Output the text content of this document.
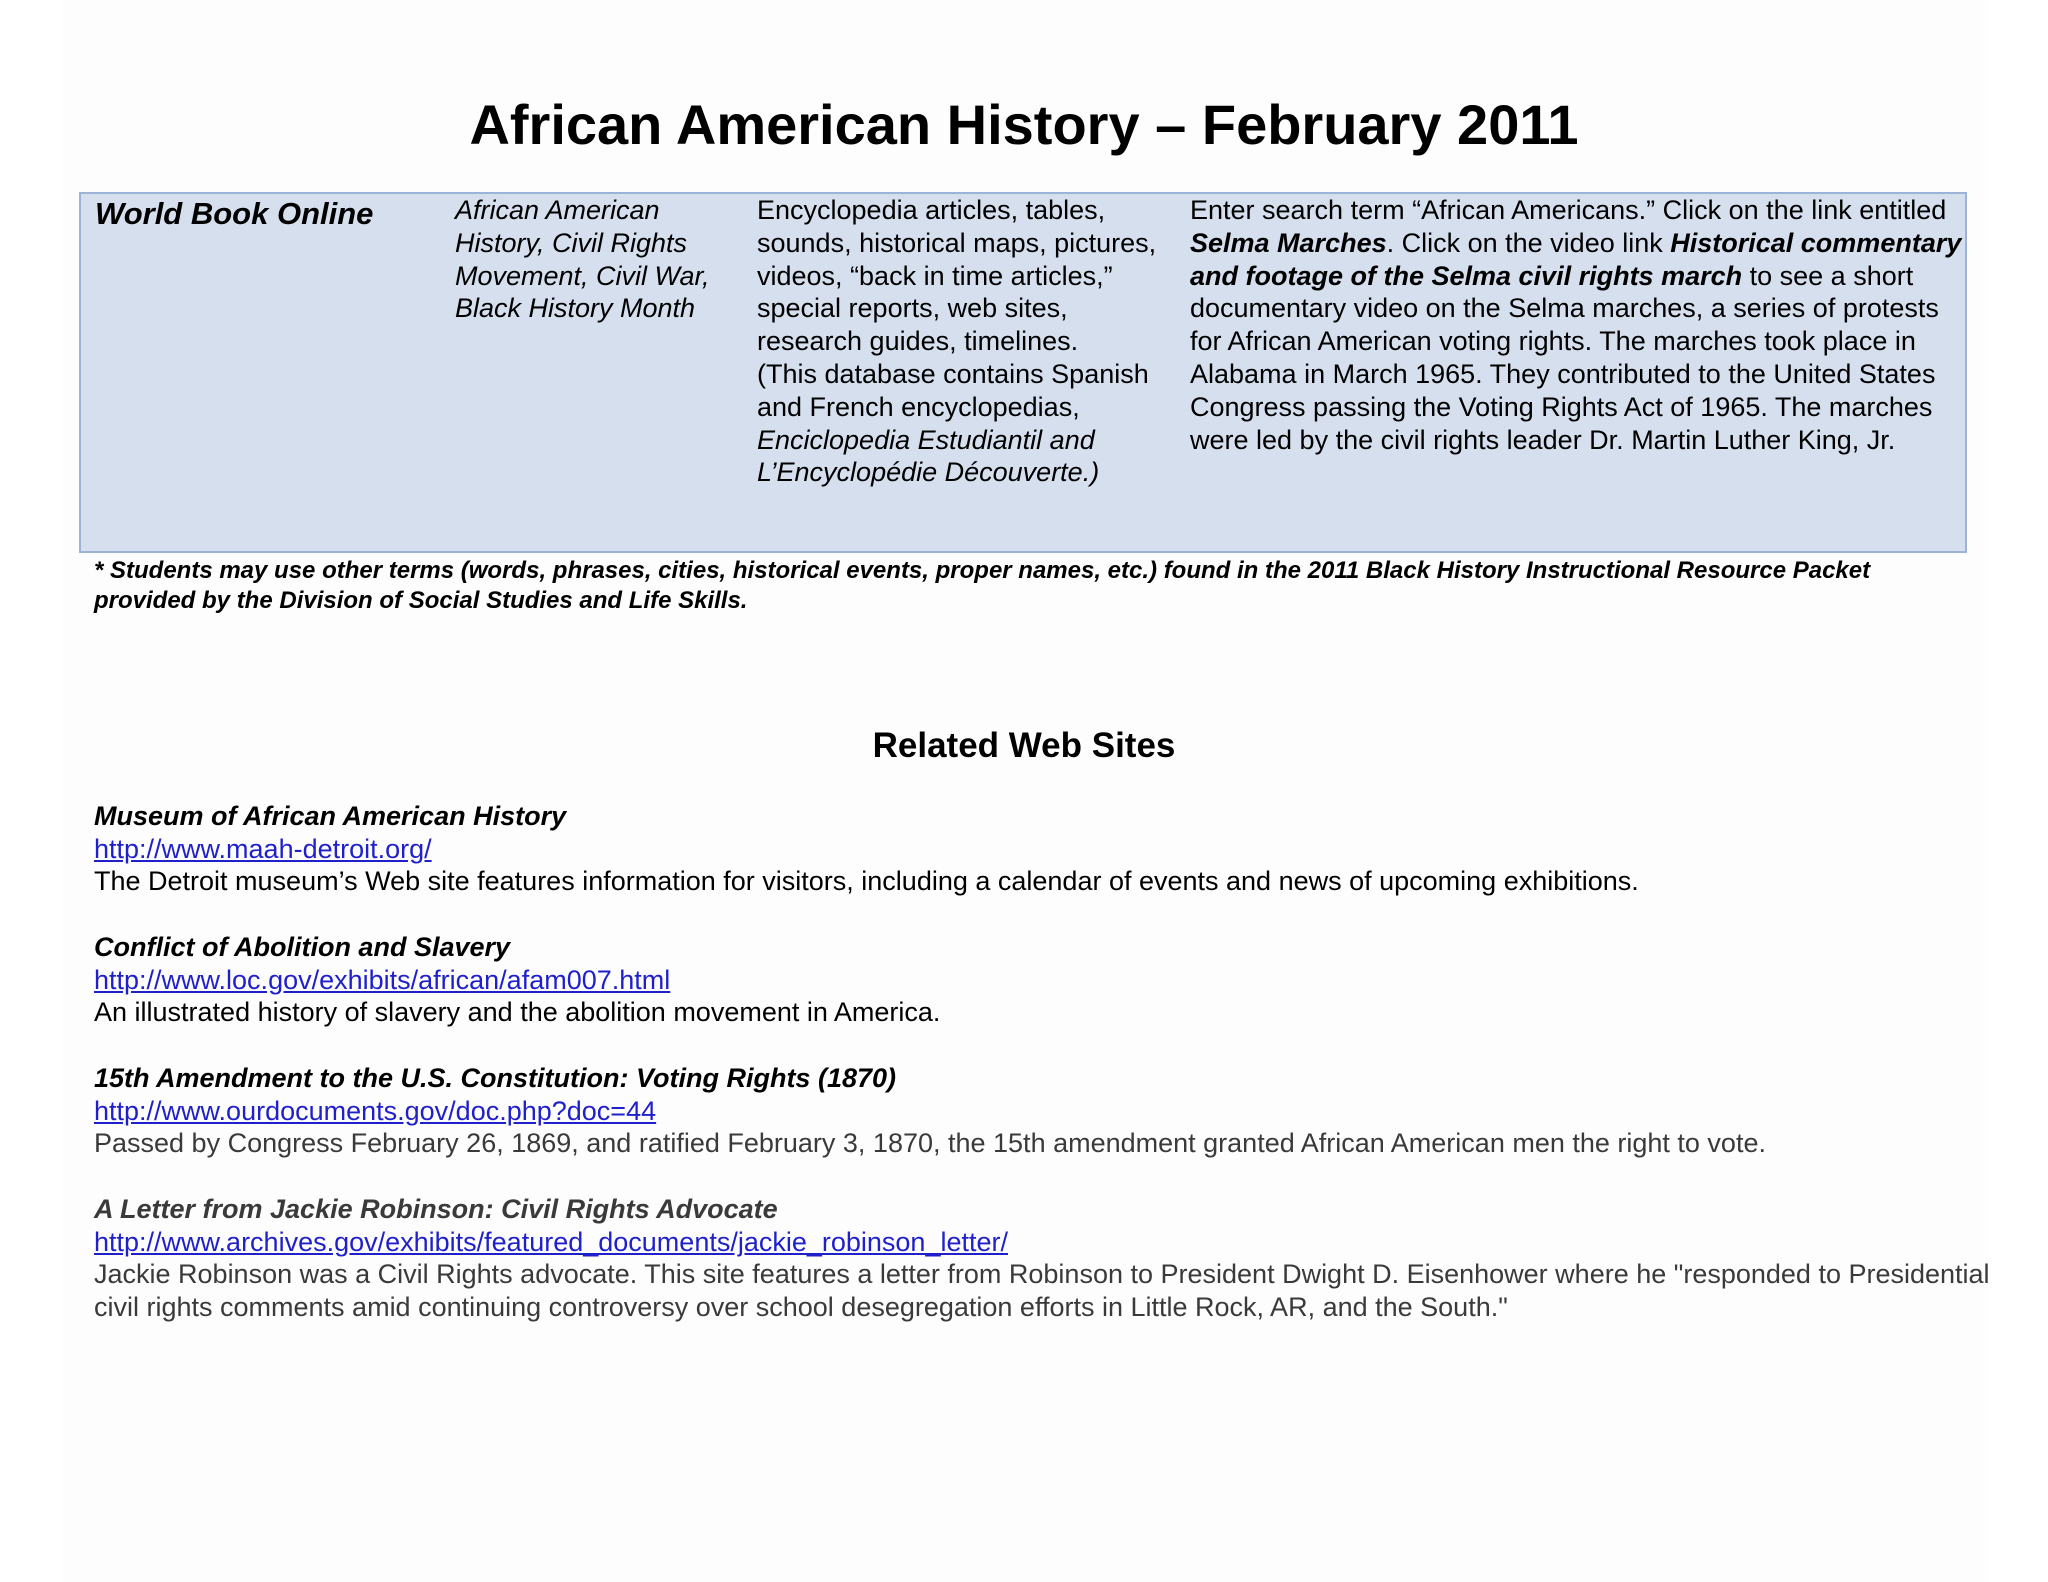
African American History – February 2011
World Book Online	African American History, Civil Rights Movement, Civil War, Black History Month

Encyclopedia articles, tables, sounds, historical maps, pictures, videos, “back in time articles,” special reports, web sites, research guides, timelines.

(This database contains Spanish and French encyclopedias, Enciclopedia Estudiantil and L’Encyclopédie Découverte.)

Enter search term “African Americans.” Click on the link entitled Selma Marches. Click on the video link Historical commentary and footage of the Selma civil rights march to see a short documentary video on the Selma marches, a series of protests for African American voting rights. The marches took place in Alabama in March 1965. They contributed to the United States Congress passing the Voting Rights Act of 1965. The marches were led by the civil rights leader Dr. Martin Luther King, Jr.

* Students may use other terms (words, phrases, cities, historical events, proper names, etc.) found in the 2011 Black History Instructional Resource Packet provided by the Division of Social Studies and Life Skills.

Related Web Sites
Museum of African American History
http://www.maah-detroit.org/
The Detroit museum’s Web site features information for visitors, including a calendar of events and news of upcoming exhibitions.
Conflict of Abolition and Slavery
http://www.loc.gov/exhibits/african/afam007.html
An illustrated history of slavery and the abolition movement in America.
15th Amendment to the U.S. Constitution: Voting Rights (1870)
http://www.ourdocuments.gov/doc.php?doc=44
Passed by Congress February 26, 1869, and ratified February 3, 1870, the 15th amendment granted African American men the right to vote.
A Letter from Jackie Robinson: Civil Rights Advocate
http://www.archives.gov/exhibits/featured_documents/jackie_robinson_letter/
Jackie Robinson was a Civil Rights advocate. This site features a letter from Robinson to President Dwight D. Eisenhower where he "responded to Presidential civil rights comments amid continuing controversy over school desegregation efforts in Little Rock, AR, and the South."
